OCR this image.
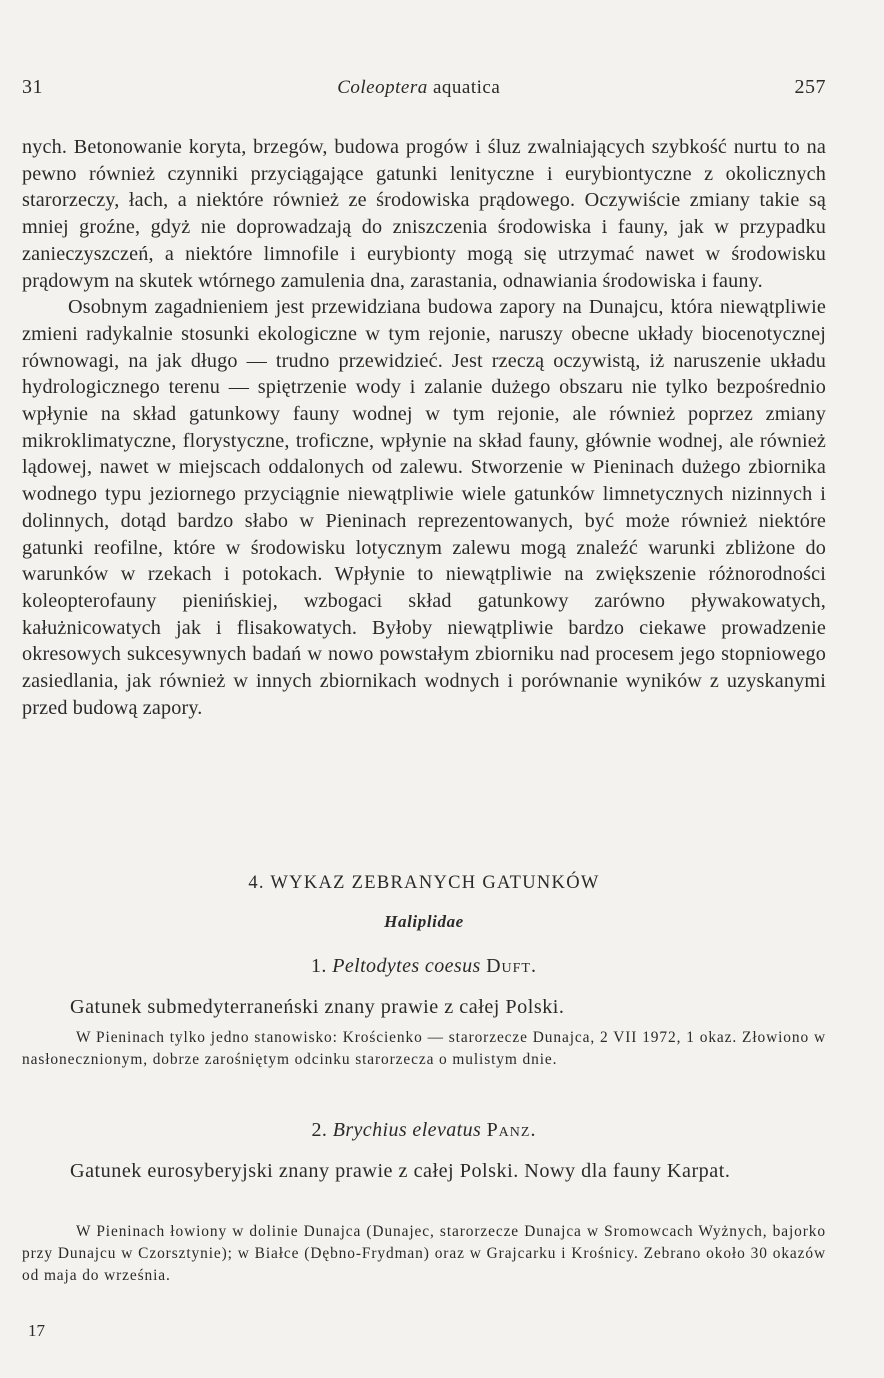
31	Coleoptera aquatica	257

nych. Betonowanie koryta, brzegów, budowa progów i śluz zwalniających szybkość nurtu to na pewno również czynniki przyciągające gatunki lenityczne i eurybiontyczne z okolicznych starorzeczy, łach, a niektóre również ze środowiska prądowego. Oczywiście zmiany takie są mniej groźne, gdyż nie doprowadzają do zniszczenia środowiska i fauny, jak w przypadku zanieczyszczeń, a niektóre limnofile i eurybionty mogą się utrzymać nawet w środowisku prądowym na skutek wtórnego zamulenia dna, zarastania, odnawiania środowiska i fauny.

Osobnym zagadnieniem jest przewidziana budowa zapory na Dunajcu, która niewątpliwie zmieni radykalnie stosunki ekologiczne w tym rejonie, naruszy obecne układy biocenotycznej równowagi, na jak długo — trudno przewidzieć. Jest rzeczą oczywistą, iż naruszenie układu hydrologicznego terenu — spiętrzenie wody i zalanie dużego obszaru nie tylko bezpośrednio wpłynie na skład gatunkowy fauny wodnej w tym rejonie, ale również poprzez zmiany mikroklimatyczne, florystyczne, troficzne, wpłynie na skład fauny, głównie wodnej, ale również lądowej, nawet w miejscach oddalonych od zalewu. Stworzenie w Pieninach dużego zbiornika wodnego typu jeziornego przyciągnie niewątpliwie wiele gatunków limnetycznych nizinnych i dolinnych, dotąd bardzo słabo w Pieninach reprezentowanych, być może również niektóre gatunki reofilne, które w środowisku lotycznym zalewu mogą znaleźć warunki zbliżone do warunków w rzekach i potokach. Wpłynie to niewątpliwie na zwiększenie różnorodności koleopterofauny pienińskiej, wzbogaci skład gatunkowy zarówno pływakowatych, kałużnicowatych jak i flisakowatych. Byłoby niewątpliwie bardzo ciekawe prowadzenie okresowych sukcesywnych badań w nowo powstałym zbiorniku nad procesem jego stopniowego zasiedlania, jak również w innych zbiornikach wodnych i porównanie wyników z uzyskanymi przed budową zapory.

4. WYKAZ ZEBRANYCH GATUNKÓW
Haliplidae
1. Peltodytes coesus Duft.
Gatunek submedyterraneński znany prawie z całej Polski.
W Pieninach tylko jedno stanowisko: Krościenko — starorzecze Dunajca, 2 VII 1972, 1 okaz. Złowiono w nasłonecznionym, dobrze zarośniętym odcinku starorzecza o mulistym dnie.
2. Brychius elevatus Panz.
Gatunek eurosyberyjski znany prawie z całej Polski. Nowy dla fauny Karpat.
W Pieninach łowiony w dolinie Dunajca (Dunajec, starorzecze Dunajca w Sromowcach Wyżnych, bajorko przy Dunajcu w Czorsztynie); w Białce (Dębno-Frydman) oraz w Grajcarku i Krośnicy. Zebrano około 30 okazów od maja do września.
17
